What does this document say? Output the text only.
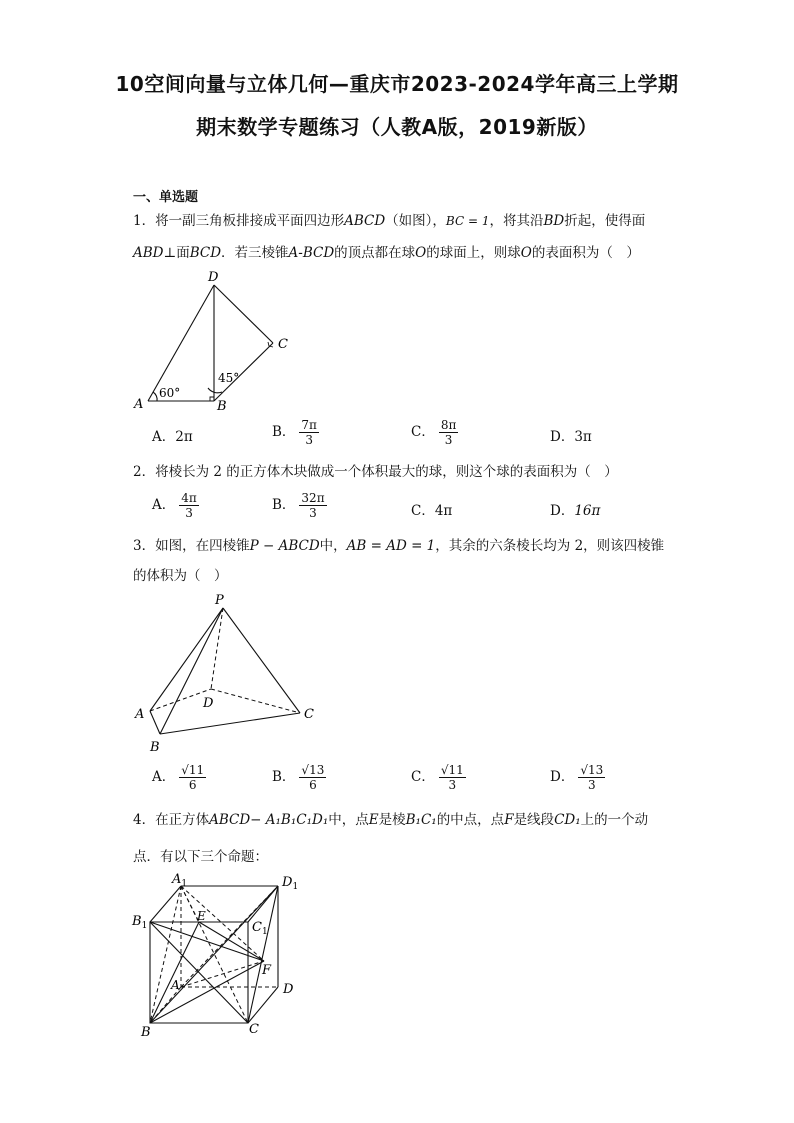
10空间向量与立体几何—重庆市2023-2024学年高三上学期
期末数学专题练习（人教A版，2019新版）
一、单选题
1．将一副三角板排接成平面四边形ABCD（如图），BC = 1，将其沿BD折起，使得面
ABD⊥面BCD．若三棱锥A-BCD的顶点都在球O的球面上，则球O的表面积为（　）
A	B
C
D
60°
45°
A．2π	B． $\frac{7\pi}{3}$	C． $\frac{8\pi}{3}$	D．3π
2．将棱长为 2 的正方体木块做成一个体积最大的球，则这个球的表面积为（　）
A． $\frac{4\pi}{3}$	B． $\frac{32\pi}{3}$	C．4π	D．16π
3．如图，在四棱锥P − ABCD中，AB = AD = 1，其余的六条棱长均为 2，则该四棱锥
的体积为（　）
P
A
B
C
D
A． $\frac{√11}{6}$	B． $\frac{√13}{6}$	C． $\frac{√11}{3}$	D． $\frac{√13}{3}$
4．在正方体ABCD− A₁B₁C₁D₁中，点E是棱B₁C₁的中点，点F是线段CD₁上的一个动
点．有以下三个命题：
$A_1$	$D_1$
$B_1$	$C_1$
E
F
A	D
B	C
